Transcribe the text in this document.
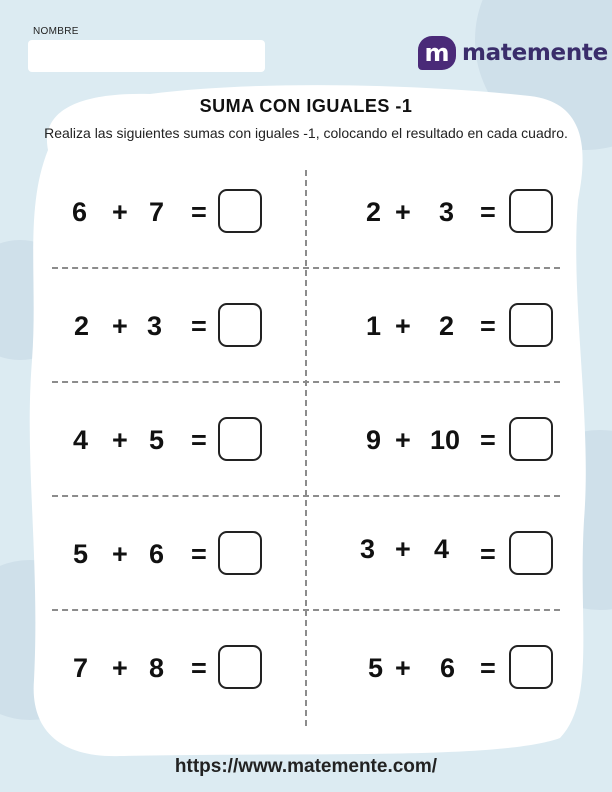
NOMBRE
m matemente
SUMA CON IGUALES -1
Realiza las siguientes sumas con iguales -1, colocando el resultado en cada cuadro.
6 + 7 =	2 + 3 =
2 + 3 =	1 + 2 =
4 + 5 =	9 + 10 =
5 + 6 =	3 + 4 =
7 + 8 =	5 + 6 =
https://www.matemente.com/
